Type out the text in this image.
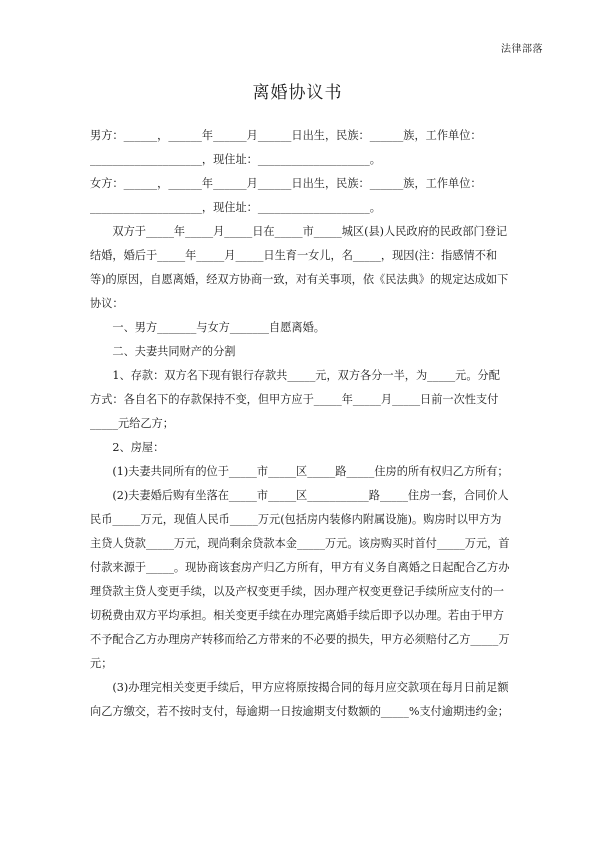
法律部落
离婚协议书

男方：______，______年______月______日出生，民族：______族，工作单位：____________________，现住址：____________________。

女方：______，______年______月______日出生，民族：______族，工作单位：____________________，现住址：____________________。

双方于_____年_____月_____日在_____市_____城区(县)人民政府的民政部门登记结婚，婚后于_____年_____月_____日生育一女儿，名_____，现因(注：指感情不和等)的原因，自愿离婚，经双方协商一致，对有关事项，依《民法典》的规定达成如下协议：

一、男方_______与女方_______自愿离婚。

二、夫妻共同财产的分割

1、存款：双方名下现有银行存款共_____元，双方各分一半，为_____元。分配方式：各自名下的存款保持不变，但甲方应于_____年_____月_____日前一次性支付_____元给乙方；

2、房屋：

(1)夫妻共同所有的位于_____市_____区_____路_____住房的所有权归乙方所有；

(2)夫妻婚后购有坐落在_____市_____区___________路_____住房一套，合同价人民币_____万元，现值人民币_____万元(包括房内装修内附属设施)。购房时以甲方为主贷人贷款_____万元，现尚剩余贷款本金_____万元。该房购买时首付_____万元，首付款来源于_____。现协商该套房产归乙方所有，甲方有义务自离婚之日起配合乙方办理贷款主贷人变更手续，以及产权变更手续，因办理产权变更登记手续所应支付的一切税费由双方平均承担。相关变更手续在办理完离婚手续后即予以办理。若由于甲方不予配合乙方办理房产转移而给乙方带来的不必要的损失，甲方必须赔付乙方_____万元；

(3)办理完相关变更手续后，甲方应将原按揭合同的每月应交款项在每月日前足额向乙方缴交，若不按时支付，每逾期一日按逾期支付数额的_____%支付逾期违约金；
